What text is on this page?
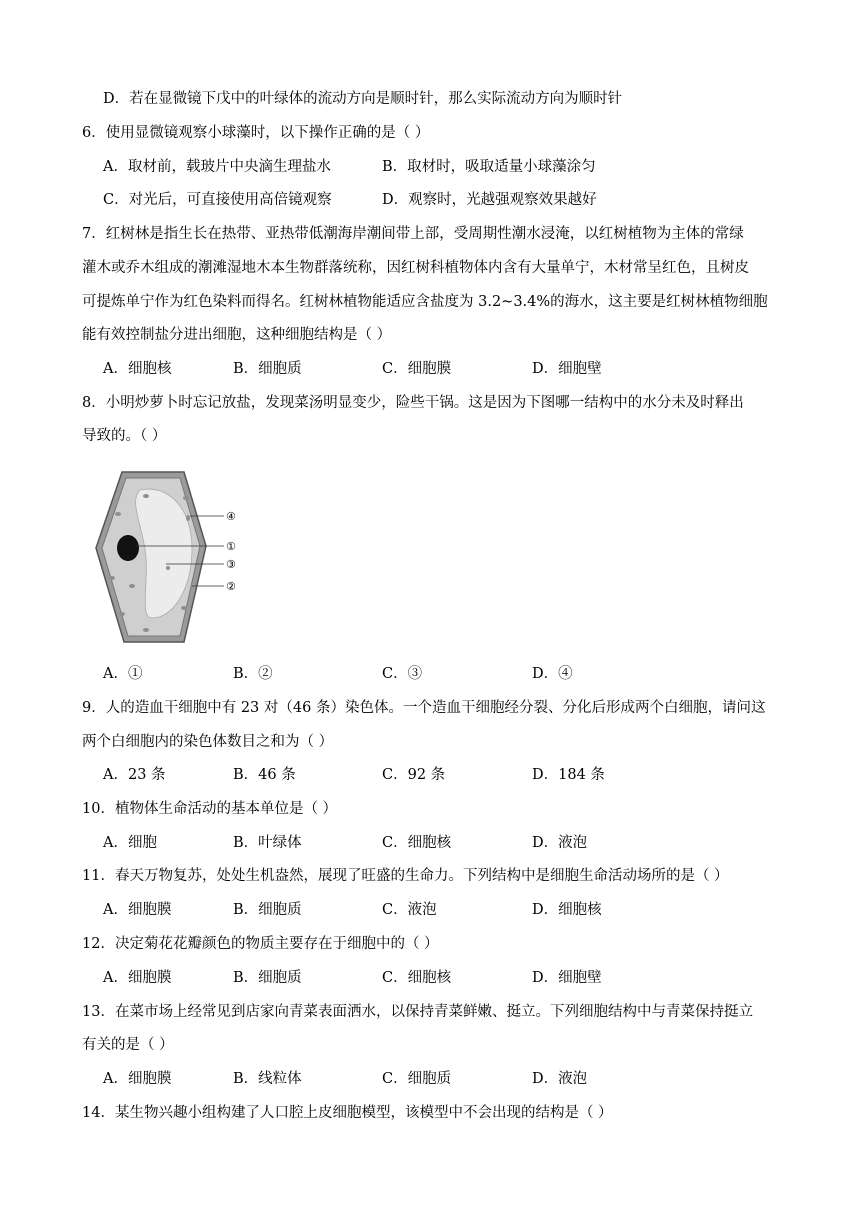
D．若在显微镜下戊中的叶绿体的流动方向是顺时针，那么实际流动方向为顺时针
6．使用显微镜观察小球藻时，以下操作正确的是（ ）
A．取材前，载玻片中央滴生理盐水	B．取材时，吸取适量小球藻涂匀
C．对光后，可直接使用高倍镜观察	D．观察时，光越强观察效果越好
7．红树林是指生长在热带、亚热带低潮海岸潮间带上部，受周期性潮水浸淹，以红树植物为主体的常绿
灌木或乔木组成的潮滩湿地木本生物群落统称，因红树科植物体内含有大量单宁，木材常呈红色，且树皮
可提炼单宁作为红色染料而得名。红树林植物能适应含盐度为 3.2~3.4%的海水，这主要是红树林植物细胞
能有效控制盐分进出细胞，这种细胞结构是（ ）
A．细胞核	B．细胞质	C．细胞膜	D．细胞壁
8．小明炒萝卜时忘记放盐，发现菜汤明显变少，险些干锅。这是因为下图哪一结构中的水分未及时释出
导致的。（ ）
④
①
③
②
A．①	B．②	C．③	D．④
9．人的造血干细胞中有 23 对（46 条）染色体。一个造血干细胞经分裂、分化后形成两个白细胞，请问这
两个白细胞内的染色体数目之和为（ ）
A．23 条	B．46 条	C．92 条	D．184 条
10．植物体生命活动的基本单位是（ ）
A．细胞	B．叶绿体	C．细胞核	D．液泡
11．春天万物复苏，处处生机盎然，展现了旺盛的生命力。下列结构中是细胞生命活动场所的是（ ）
A．细胞膜	B．细胞质	C．液泡	D．细胞核
12．决定菊花花瓣颜色的物质主要存在于细胞中的（ ）
A．细胞膜	B．细胞质	C．细胞核	D．细胞壁
13．在菜市场上经常见到店家向青菜表面洒水，以保持青菜鲜嫩、挺立。下列细胞结构中与青菜保持挺立
有关的是（ ）
A．细胞膜	B．线粒体	C．细胞质	D．液泡
14．某生物兴趣小组构建了人口腔上皮细胞模型，该模型中不会出现的结构是（ ）
